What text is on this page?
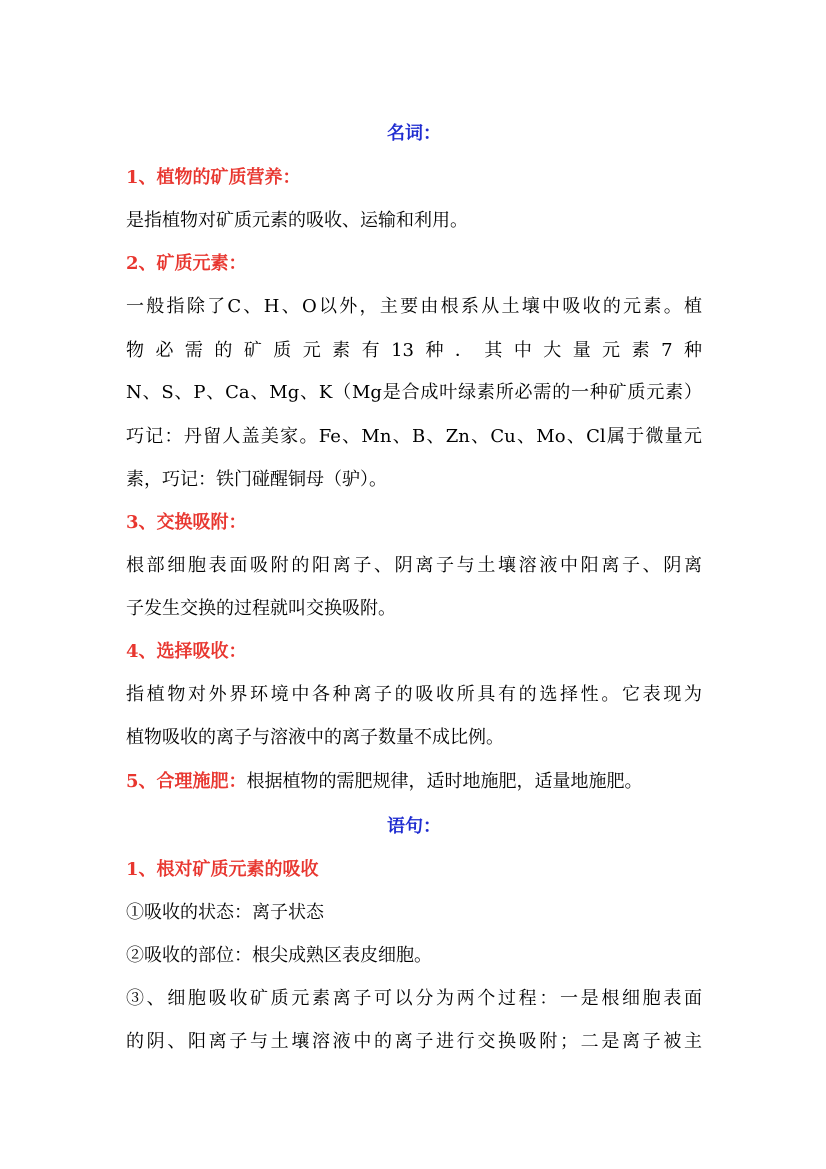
名词：
1、植物的矿质营养：
是指植物对矿质元素的吸收、运输和利用。
2、矿质元素：
一般指除了C、H、O以外，主要由根系从土壤中吸收的元素。植
物必需的矿质元素有13种．其中大量元素7种
N、S、P、Ca、Mg、K（Mg是合成叶绿素所必需的一种矿质元素）
巧记：丹留人盖美家。Fe、Mn、B、Zn、Cu、Mo、Cl属于微量元
素，巧记：铁门碰醒铜母（驴）。
3、交换吸附：
根部细胞表面吸附的阳离子、阴离子与土壤溶液中阳离子、阴离
子发生交换的过程就叫交换吸附。
4、选择吸收：
指植物对外界环境中各种离子的吸收所具有的选择性。它表现为
植物吸收的离子与溶液中的离子数量不成比例。
5、合理施肥：根据植物的需肥规律，适时地施肥，适量地施肥。
语句：
1、根对矿质元素的吸收
①吸收的状态：离子状态
②吸收的部位：根尖成熟区表皮细胞。
③、细胞吸收矿质元素离子可以分为两个过程：一是根细胞表面
的阴、阳离子与土壤溶液中的离子进行交换吸附；二是离子被主
